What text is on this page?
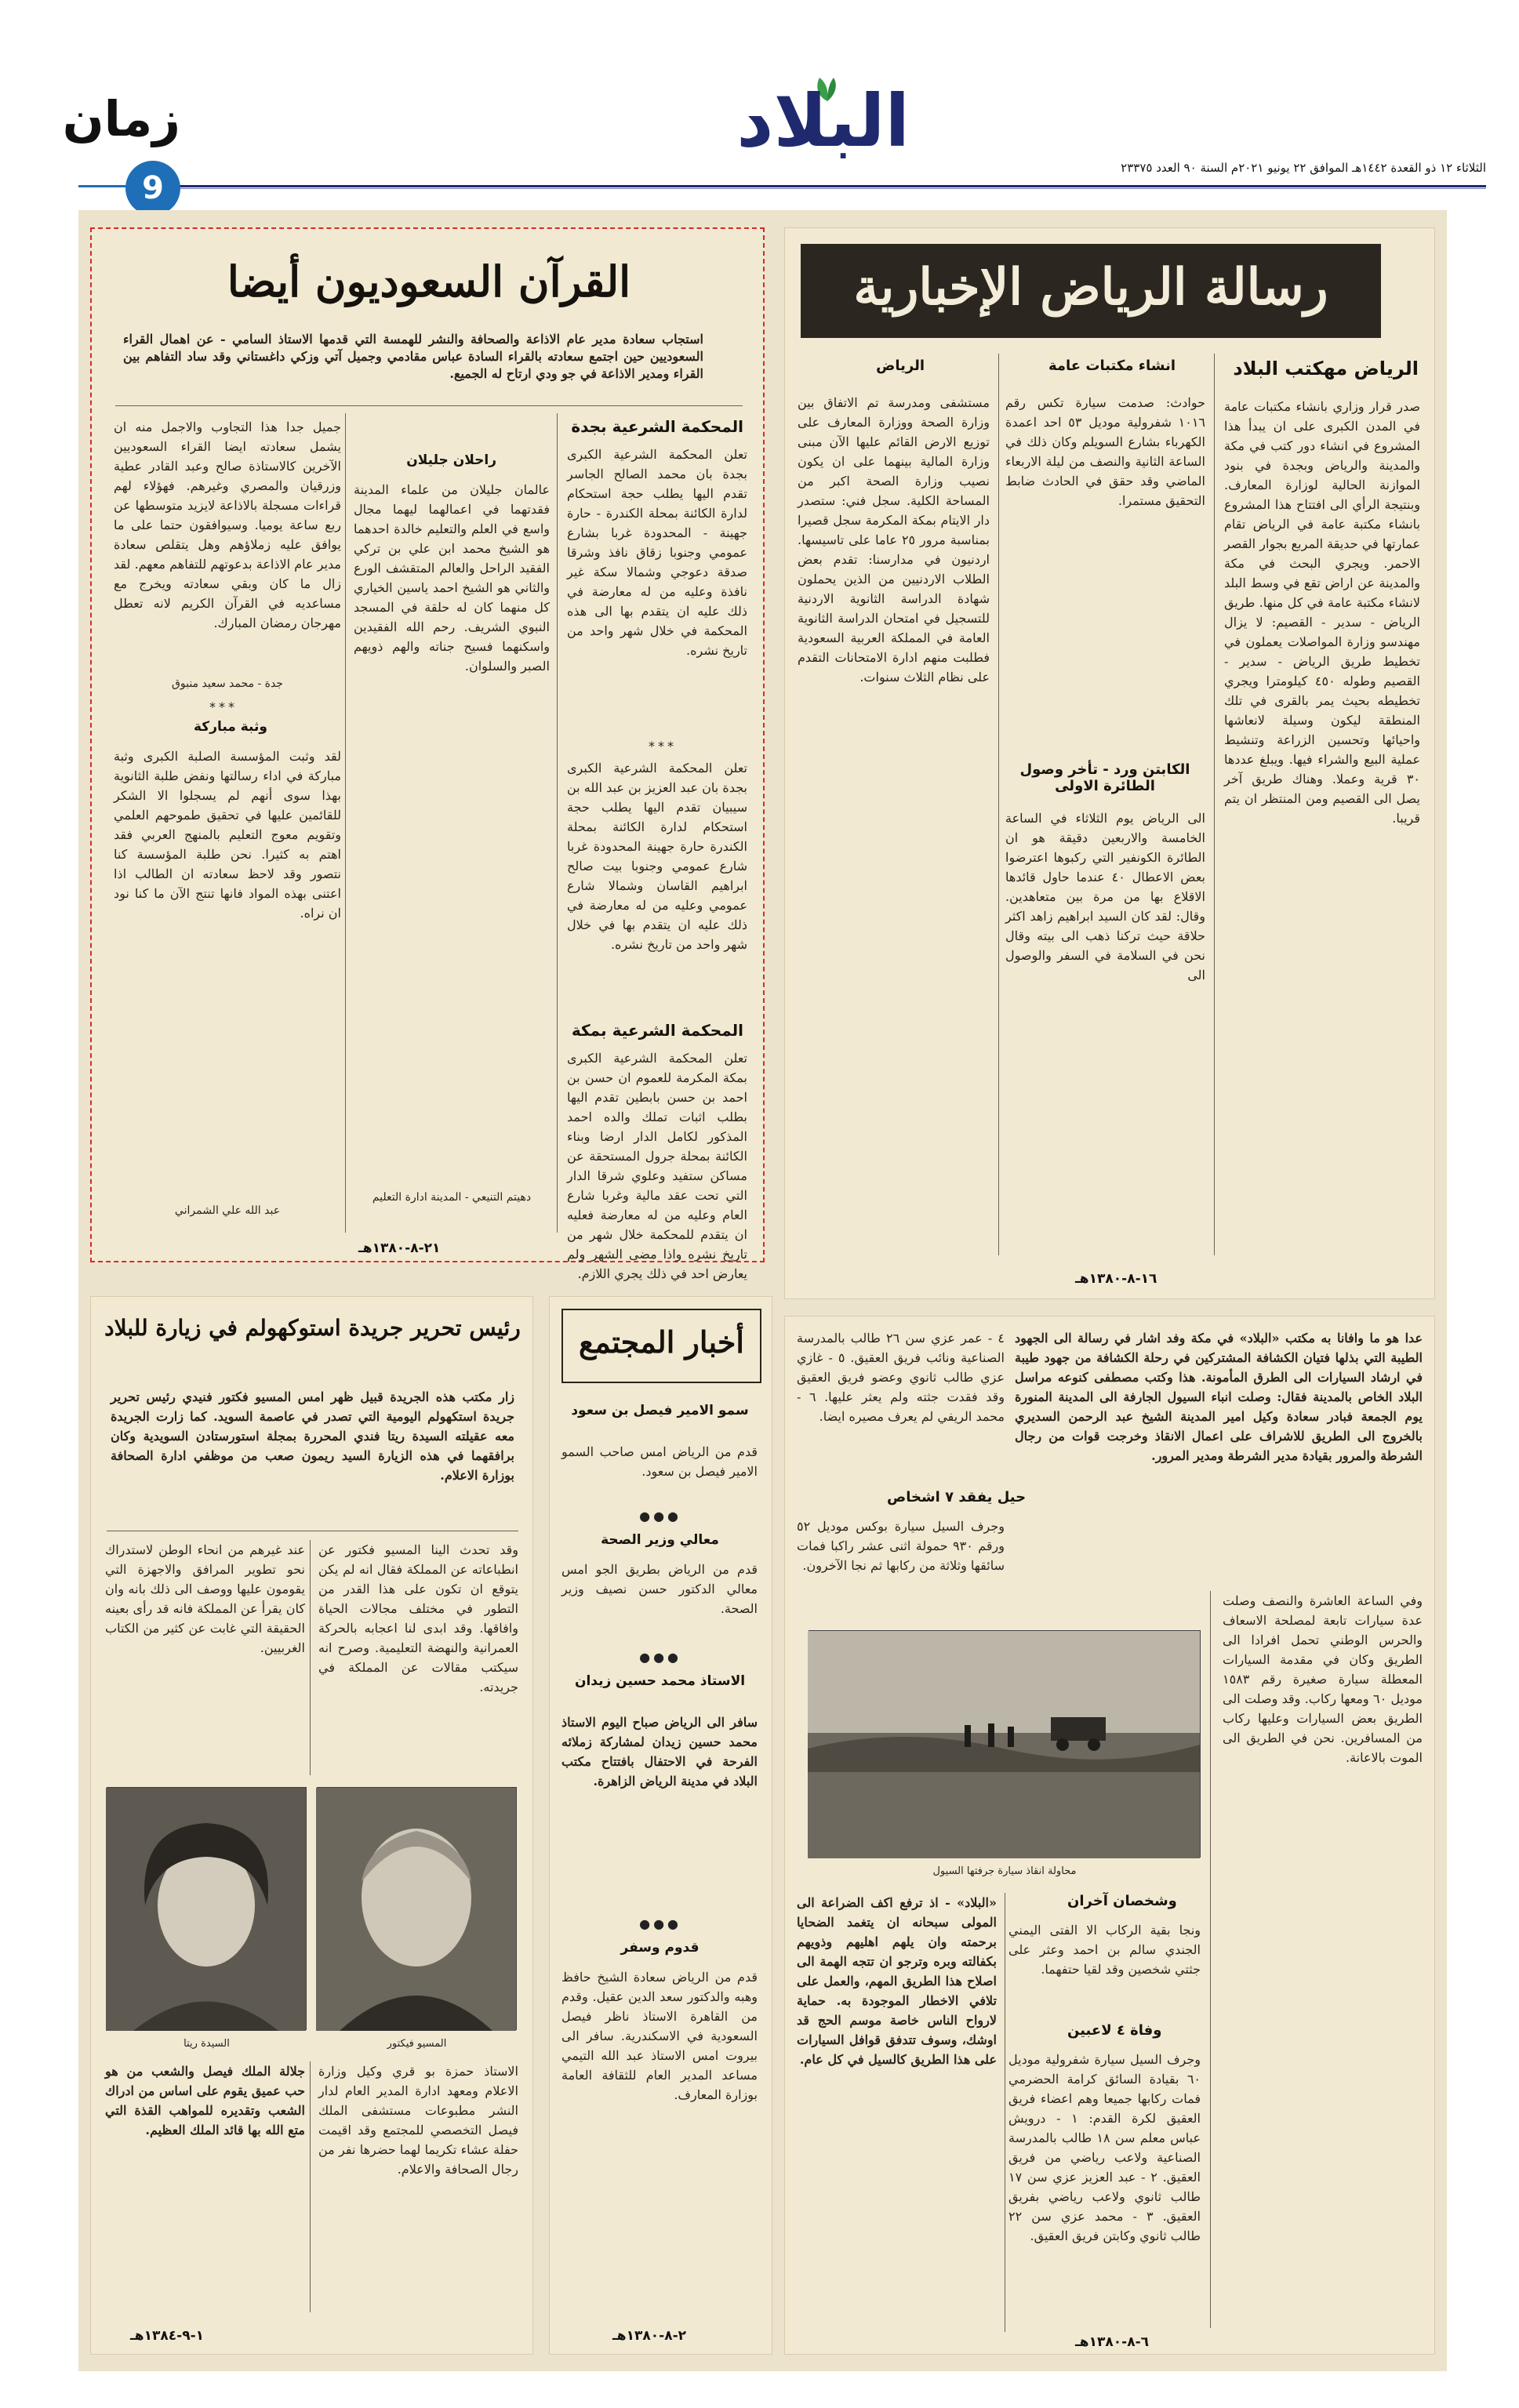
البلاد
الثلاثاء ١٢ ذو القعدة ١٤٤٢هـ الموافق ٢٢ يونيو ٢٠٢١م السنة ٩٠ العدد ٢٣٣٧٥
زمان
9
رسالة الرياض الإخبارية
الرياض مهكتب البلاد
صدر قرار وزاري بانشاء مكتبات عامة في المدن الكبرى على ان يبدأ هذا المشروع في انشاء دور كتب في مكة والمدينة والرياض وبجدة في بنود الموازنة الحالية لوزارة المعارف. وبنتيجة الرأي الى افتتاح هذا المشروع بانشاء مكتبة عامة في الرياض تقام عمارتها في حديقة المربع بجوار القصر الاحمر. ويجري البحث في مكة والمدينة عن اراض تقع في وسط البلد لانشاء مكتبة عامة في كل منها. طريق الرياض - سدير - القصيم: لا يزال مهندسو وزارة المواصلات يعملون في تخطيط طريق الرياض - سدير - القصيم وطوله ٤٥٠ كيلومترا ويجري تخطيطه بحيث يمر بالقرى في تلك المنطقة ليكون وسيلة لانعاشها واحيائها وتحسين الزراعة وتنشيط عملية البيع والشراء فيها. ويبلغ عددها ٣٠ قرية وعملا. وهناك طريق آخر يصل الى القصيم ومن المنتظر ان يتم قريبا.
انشاء مكتبات عامة
حوادث: صدمت سيارة تكس رقم ١٠١٦ شفرولية موديل ٥٣ احد اعمدة الكهرباء بشارع السويلم وكان ذلك في الساعة الثانية والنصف من ليلة الاربعاء الماضي وقد حقق في الحادث ضابط التحقيق مستمرا.
الكابتن ورد - تأخر وصول الطائرة الاولى
الى الرياض يوم الثلاثاء في الساعة الخامسة والاربعين دقيقة هو ان الطائرة الكونفير التي ركبوها اعترضوا بعض الاعطال ٤٠ عندما حاول قائدها الاقلاع بها من مرة بين متعاهدين. وقال: لقد كان السيد ابراهيم زاهد اكثر حلاقة حيث تركنا ذهب الى بيته وقال نحن في السلامة في السفر والوصول الى
الرياض
مستشفى ومدرسة تم الاتفاق بين وزارة الصحة ووزارة المعارف على توزيع الارض القائم عليها الآن مبنى وزارة المالية بينهما على ان يكون نصيب وزارة الصحة اكبر من المساحة الكلية. سجل فني: ستصدر دار الايتام بمكة المكرمة سجل قصيرا بمناسبة مرور ٢٥ عاما على تاسيسها. اردنيون في مدارسنا: تقدم بعض الطلاب الاردنيين من الذين يحملون شهادة الدراسة الثانوية الاردنية للتسجيل في امتحان الدراسة الثانوية العامة في المملكة العربية السعودية فطلبت منهم ادارة الامتحانات التقدم على نظام الثلاث سنوات.
١٦-٨-١٣٨٠هـ
القرآن السعوديون أيضا
استجاب سعادة مدير عام الاذاعة والصحافة والنشر للهمسة التي قدمها الاستاذ السامي - عن اهمال القراء السعوديين حين اجتمع سعادته بالقراء السادة عباس مقادمي وجميل آتي وزكي داغستاني وقد ساد التفاهم بين القراء ومدير الاذاعة في جو ودي ارتاح له الجميع.
المحكمة الشرعية بجدة
تعلن المحكمة الشرعية الكبرى بجدة بان محمد الصالح الجاسر تقدم اليها يطلب حجة استحكام لدارة الكائنة بمحلة الكندرة - حارة جهينة - المحدودة غربا بشارع عمومي وجنوبا زقاق نافذ وشرقا صدقة دعوجي وشمالا سكة غير نافذة وعليه من له معارضة في ذلك عليه ان يتقدم بها الى هذه المحكمة في خلال شهر واحد من تاريخ نشره.
***
تعلن المحكمة الشرعية الكبرى بجدة بان عبد العزيز بن عبد الله بن سيبيان تقدم اليها يطلب حجة استحكام لدارة الكائنة بمحلة الكندرة حارة جهينة المحدودة غربا شارع عمومي وجنوبا بيت صالح ابراهيم القاسان وشمالا شارع عمومي وعليه من له معارضة في ذلك عليه ان يتقدم بها في خلال شهر واحد من تاريخ نشره.
المحكمة الشرعية بمكة
تعلن المحكمة الشرعية الكبرى بمكة المكرمة للعموم ان حسن بن احمد بن حسن بابطين تقدم اليها بطلب اثبات تملك والده احمد المذكور لكامل الدار ارضا وبناء الكائنة بمحلة جرول المستحقة عن مساكن ستفيد وعلوي شرقا الدار التي تحت عقد مالية وغربا شارع العام وعليه من له معارضة فعليه ان يتقدم للمحكمة خلال شهر من تاريخ نشره واذا مضى الشهر ولم يعارض احد في ذلك يجري اللازم.
راحلان جليلان
عالمان جليلان من علماء المدينة فقدتهما في اعمالهما ليهما مجال واسع في العلم والتعليم خالدة احدهما هو الشيخ محمد ابن علي بن تركي الفقيد الراحل والعالم المتقشف الورع والثاني هو الشيخ احمد ياسين الخياري كل منهما كان له حلقة في المسجد النبوي الشريف. رحم الله الفقيدين واسكنهما فسيح جناته والهم ذويهم الصبر والسلوان.
دهيتم التنيعي - المدينة ادارة التعليم
جميل جدا هذا التجاوب والاجمل منه ان يشمل سعادته ايضا القراء السعوديين الآخرين كالاستاذة صالح وعبد القادر عطية وزرقيان والمصري وغيرهم. فهؤلاء لهم قراءات مسجلة بالاذاعة لايزيد متوسطها عن ربع ساعة يوميا. وسيوافقون حتما على ما يوافق عليه زملاؤهم وهل يتقلص سعادة مدير عام الاذاعة بدعوتهم للتفاهم معهم. لقد زال ما كان وبقي سعادته ويخرج مع مساعديه في القرآن الكريم لانه تعطل مهرجان رمضان المبارك.
جدة - محمد سعيد منبوق
***
وثبة مباركة
لقد وثبت المؤسسة الصلبة الكبرى وثبة مباركة في اداء رسالتها ونفض طلبة الثانوية بهذا سوى أنهم لم يسجلوا الا الشكر للقائمين عليها في تحقيق طموحهم العلمي وتقويم معوج التعليم بالمنهج العربي فقد اهتم به كثيرا. نحن طلبة المؤسسة كنا نتصور وقد لاحظ سعادته ان الطالب اذا اعتنى بهذه المواد فانها تنتج الآن ما كنا نود ان نراه.
عبد الله علي الشمراني
٢١-٨-١٣٨٠هـ
عدا هو ما وافانا به مكتب «البلاد» في مكة وفد اشار في رسالة الى الجهود الطيبة التي بذلها فتيان الكشافة المشتركين في رحلة الكشافة من جهود طيبة في ارشاد السيارات الى الطرق المأمونة. هذا وكتب مصطفى كنوعه مراسل البلاد الخاص بالمدينة فقال: وصلت انباء السيول الجارفة الى المدينة المنورة يوم الجمعة فبادر سعادة وكيل امير المدينة الشيخ عبد الرحمن السديري بالخروج الى الطريق للاشراف على اعمال الانقاذ وخرجت قوات من رجال الشرطة والمرور بقيادة مدير الشرطة ومدير المرور.
وفي الساعة العاشرة والنصف وصلت عدة سيارات تابعة لمصلحة الاسعاف والحرس الوطني تحمل افرادا الى الطريق وكان في مقدمة السيارات المعطلة سيارة صغيرة رقم ١٥٨٣ موديل ٦٠ ومعها ركاب. وقد وصلت الى الطريق بعض السيارات وعليها ركاب من المسافرين. نحن في الطريق الى الموت بالاعانة.
٤ - عمر عزي سن ٢٦ طالب بالمدرسة الصناعية ونائب فريق العقيق. ٥ - غازي عزي طالب ثانوي وعضو فريق العقيق وقد فقدت جثته ولم يعثر عليها. ٦ - محمد الريفي لم يعرف مصيره ايضا.
حيل يفقد ٧ اشخاص
وجرف السيل سيارة بوكس موديل ٥٢ ورقم ٩٣٠ حمولة اثنى عشر راكبا فمات سائقها وثلاثة من ركابها ثم نجا الآخرون.
محاولة انقاذ سيارة جرفتها السيول
وشخصان آخران
ونجا بقية الركاب الا الفتى اليمني الجندي سالم بن احمد وعثر على جثتي شخصين وقد لقيا حتفهما.
وفاة ٤ لاعبين
وجرف السيل سيارة شفرولية موديل ٦٠ بقيادة السائق كرامة الحضرمي فمات ركابها جميعا وهم اعضاء فريق العقيق لكرة القدم: ١ - درويش عباس معلم سن ١٨ طالب بالمدرسة الصناعية ولاعب رياضي من فريق العقيق. ٢ - عبد العزيز عزي سن ١٧ طالب ثانوي ولاعب رياضي بفريق العقيق. ٣ - محمد عزي سن ٢٢ طالب ثانوي وكابتن فريق العقيق.
«البلاد» - اذ ترفع اكف الضراعة الى المولى سبحانه ان يتغمد الضحايا برحمته وان يلهم اهليهم وذويهم بكفالته وبره وترجو ان تتجه الهمة الى اصلاح هذا الطريق المهم، والعمل على تلافي الاخطار الموجودة به. حماية لارواح الناس خاصة موسم الحج قد اوشك، وسوف تتدفق قوافل السيارات على هذا الطريق كالسيل في كل عام.
٦-٨-١٣٨٠هـ
أخبار المجتمع
سمو الامير فيصل بن سعود
قدم من الرياض امس صاحب السمو الامير فيصل بن سعود.
●●●
معالي وزير الصحة
قدم من الرياض بطريق الجو امس معالي الدكتور حسن نصيف وزير الصحة.
●●●
الاستاذ محمد حسين زيدان
سافر الى الرياض صباح اليوم الاستاذ محمد حسين زيدان لمشاركة زملائه الفرحة في الاحتفال بافتتاح مكتب البلاد في مدينة الرياض الزاهرة.
●●●
قدوم وسفر
قدم من الرياض سعادة الشيخ حافظ وهبه والدكتور سعد الدين عقيل. وقدم من القاهرة الاستاذ ناظر فيصل السعودية في الاسكندرية. سافر الى بيروت امس الاستاذ عبد الله التيمي مساعد المدير العام للثقافة العامة بوزارة المعارف.
٢-٨-١٣٨٠هـ
رئيس تحرير جريدة استوكهولم في زيارة للبلاد
زار مكتب هذه الجريدة قبيل ظهر امس المسيو فكتور فنيدي رئيس تحرير جريدة استكهولم اليومية التي تصدر في عاصمة السويد. كما زارت الجريدة معه عقيلته السيدة ريتا فندي المحررة بمجلة استورستادن السويدية وكان برافقهما في هذه الزيارة السيد ريمون صعب من موظفي ادارة الصحافة بوزارة الاعلام.
وقد تحدث الينا المسيو فكتور عن انطباعاته عن المملكة فقال انه لم يكن يتوقع ان تكون على هذا القدر من التطور في مختلف مجالات الحياة وافاقها. وقد ابدى لنا اعجابه بالحركة العمرانية والنهضة التعليمية. وصرح انه سيكتب مقالات عن المملكة في جريدته.
عند غيرهم من انحاء الوطن لاستدراك نحو تطوير المرافق والاجهزة التي يقومون عليها ووصف الى ذلك بانه وان كان يقرأ عن المملكة فانه قد رأى بعينه الحقيقة التي غابت عن كثير من الكتاب الغربيين.
المسيو فيكتور
السيدة ريتا
الاستاذ حمزة بو قري وكيل وزارة الاعلام ومعهد ادارة المدير العام لدار النشر مطبوعات مستشفى الملك فيصل التخصصي للمجتمع وقد اقيمت حفلة عشاء تكريما لهما حضرها نفر من رجال الصحافة والاعلام.
جلالة الملك فيصل والشعب من هو حب عميق يقوم على اساس من ادراك الشعب وتقديره للمواهب القذة التي متع الله بها قائد الملك العظيم.
١-٩-١٣٨٤هـ
